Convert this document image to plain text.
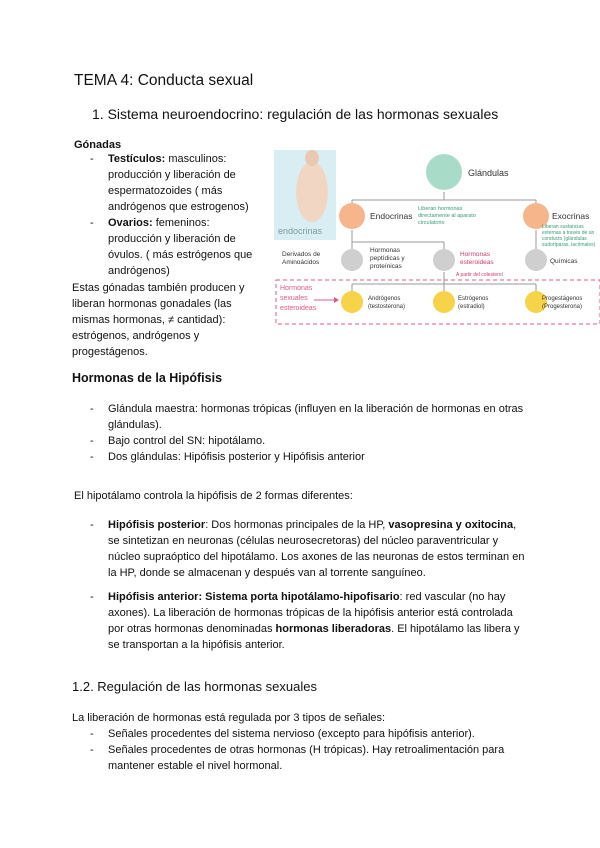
TEMA 4: Conducta sexual
1. Sistema neuroendocrino: regulación de las hormonas sexuales
Gónadas
- Testículos: masculinos: producción y liberación de espermatozoides ( más andrógenos que estrogenos)
- Ovarios: femeninos: producción y liberación de óvulos. ( más estrógenos que andrógenos)
Estas gónadas también producen y liberan hormonas gonadales (las mismas hormonas, ≠ cantidad): estrógenos, andrógenos y progestágenos.
endocrinas
Glándulas
Endocrinas
Liberan hormonas directamente al aparato circulatorio
Exocrinas
Liberan sustancias externas a través de un conducto (glándulas sudoríparas, lacrimales)
Derivados de Aminoácidos
Hormonas peptídicas y proteínicas
Hormonas esteroideas
A partir del colesterol
Químicas
Hormonas sexuales esteroideas
Andrógenos (testosterona)
Estrógenos (estradiol)
Progestágenos (Progesterona)
Hormonas de la Hipófisis
- Glándula maestra: hormonas trópicas (influyen en la liberación de hormonas en otras glándulas).
- Bajo control del SN: hipotálamo.
- Dos glándulas: Hipófisis posterior y Hipófisis anterior
El hipotálamo controla la hipófisis de 2 formas diferentes:
- Hipófisis posterior: Dos hormonas principales de la HP, vasopresina y oxitocina, se sintetizan en neuronas (células neurosecretoras) del núcleo paraventricular y núcleo supraóptico del hipotálamo. Los axones de las neuronas de estos terminan en la HP, donde se almacenan y después van al torrente sanguíneo.
- Hipófisis anterior: Sistema porta hipotálamo-hipofisario: red vascular (no hay axones). La liberación de hormonas trópicas de la hipófisis anterior está controlada por otras hormonas denominadas hormonas liberadoras. El hipotálamo las libera y se transportan a la hipófisis anterior.
1.2. Regulación de las hormonas sexuales
La liberación de hormonas está regulada por 3 tipos de señales:
- Señales procedentes del sistema nervioso (excepto para hipófisis anterior).
- Señales procedentes de otras hormonas (H trópicas). Hay retroalimentación para mantener estable el nivel hormonal.
